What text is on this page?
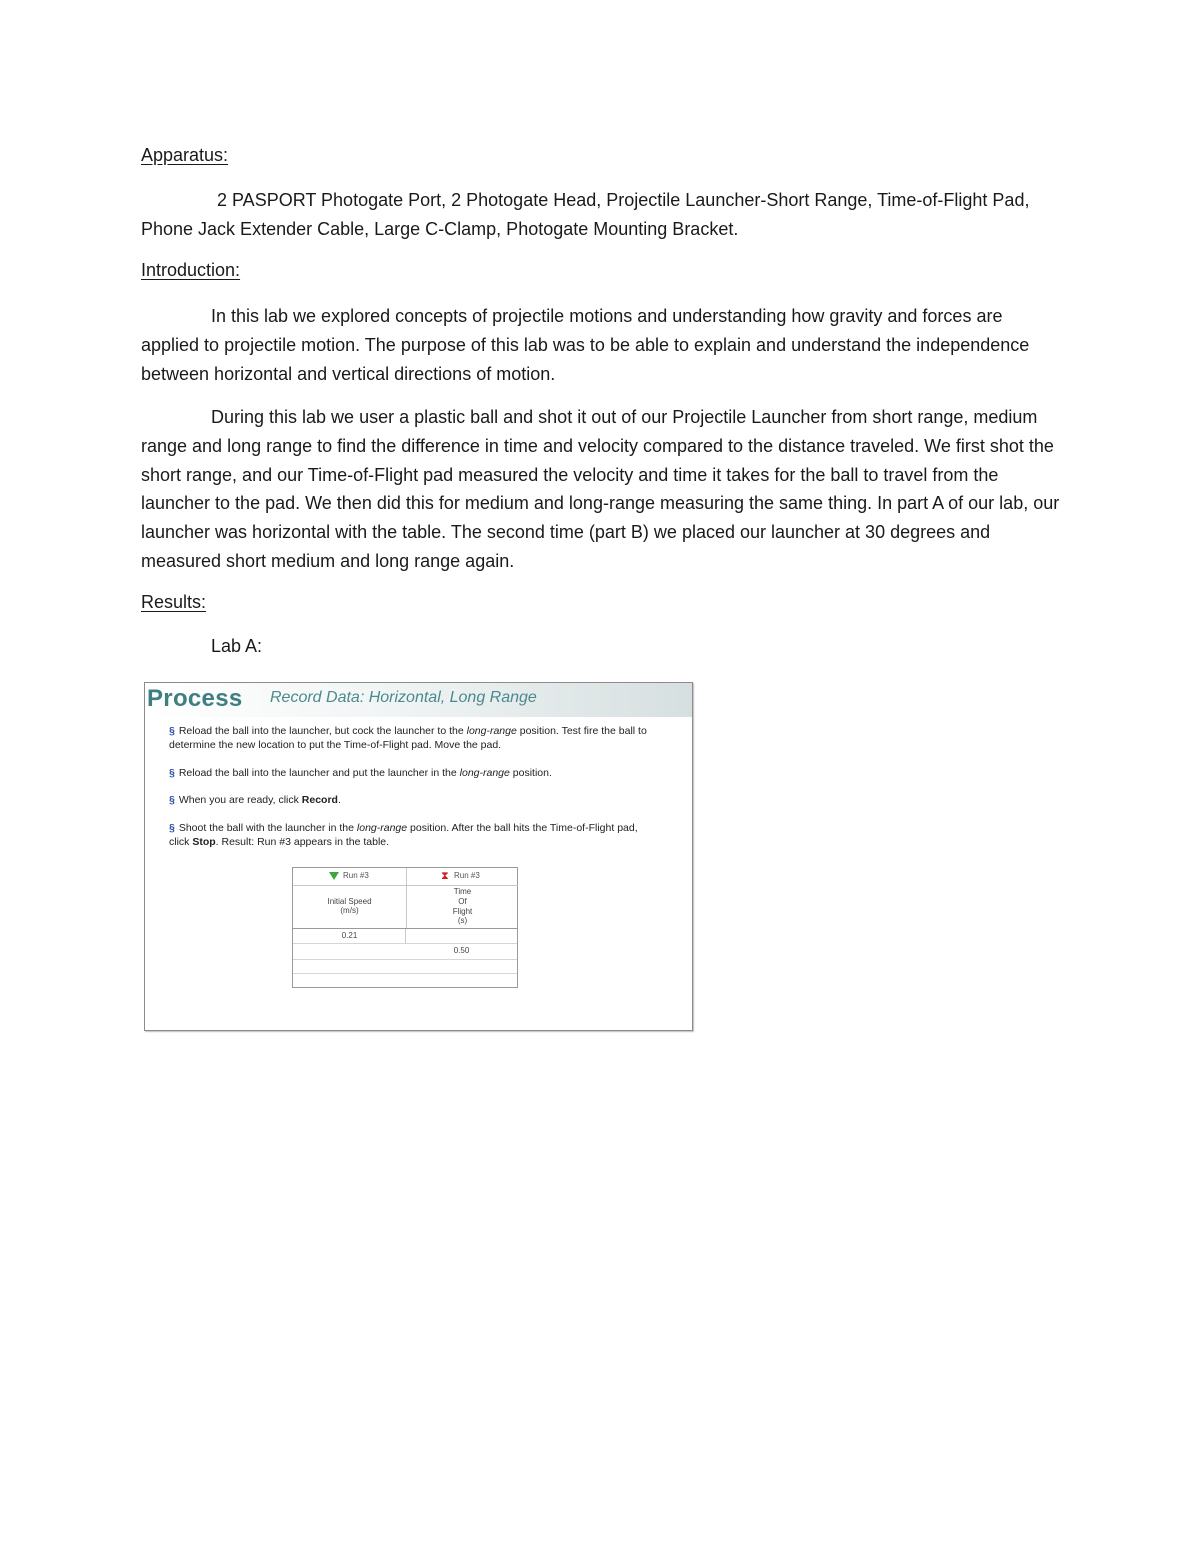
Apparatus:

2 PASPORT Photogate Port, 2 Photogate Head, Projectile Launcher-Short Range, Time-of-Flight Pad, Phone Jack Extender Cable, Large C-Clamp, Photogate Mounting Bracket.

Introduction:

In this lab we explored concepts of projectile motions and understanding how gravity and forces are applied to projectile motion. The purpose of this lab was to be able to explain and understand the independence between horizontal and vertical directions of motion.

During this lab we user a plastic ball and shot it out of our Projectile Launcher from short range, medium range and long range to find the difference in time and velocity compared to the distance traveled. We first shot the short range, and our Time-of-Flight pad measured the velocity and time it takes for the ball to travel from the launcher to the pad. We then did this for medium and long-range measuring the same thing. In part A of our lab, our launcher was horizontal with the table. The second time (part B) we placed our launcher at 30 degrees and measured short medium and long range again.

Results:
Lab A:
Process Record Data: Horizontal, Long Range
§ Reload the ball into the launcher, but cock the launcher to the long-range position. Test fire the ball to determine the new location to put the Time-of-Flight pad. Move the pad.
§ Reload the ball into the launcher and put the launcher in the long-range position.
§ When you are ready, click Record.
§ Shoot the ball with the launcher in the long-range position. After the ball hits the Time-of-Flight pad, click Stop. Result: Run #3 appears in the table.
Run #3
Initial Speed
(m/s)
⧗ Run #3
Time
Of
Flight
(s)
0.21
0.50
